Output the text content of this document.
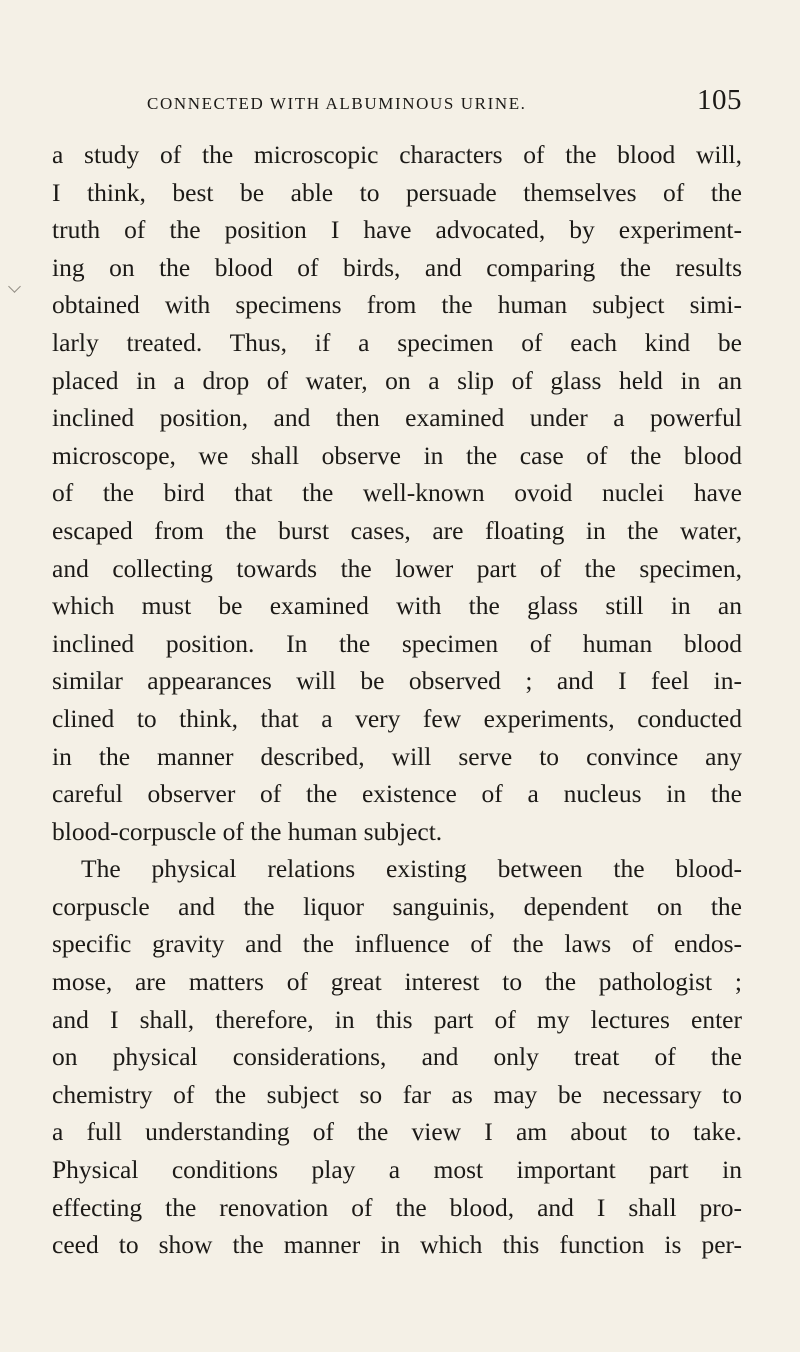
CONNECTED WITH ALBUMINOUS URINE.	105
a study of the microscopic characters of the blood will,
I think, best be able to persuade themselves of the
truth of the position I have advocated, by experiment-
ing on the blood of birds, and comparing the results
obtained with specimens from the human subject simi-
larly treated. Thus, if a specimen of each kind be
placed in a drop of water, on a slip of glass held in an
inclined position, and then examined under a powerful
microscope, we shall observe in the case of the blood
of the bird that the well-known ovoid nuclei have
escaped from the burst cases, are floating in the water,
and collecting towards the lower part of the specimen,
which must be examined with the glass still in an
inclined position. In the specimen of human blood
similar appearances will be observed ; and I feel in-
clined to think, that a very few experiments, conducted
in the manner described, will serve to convince any
careful observer of the existence of a nucleus in the
blood-corpuscle of the human subject.
The physical relations existing between the blood-
corpuscle and the liquor sanguinis, dependent on the
specific gravity and the influence of the laws of endos-
mose, are matters of great interest to the pathologist ;
and I shall, therefore, in this part of my lectures enter
on physical considerations, and only treat of the
chemistry of the subject so far as may be necessary to
a full understanding of the view I am about to take.
Physical conditions play a most important part in
effecting the renovation of the blood, and I shall pro-
ceed to show the manner in which this function is per-
